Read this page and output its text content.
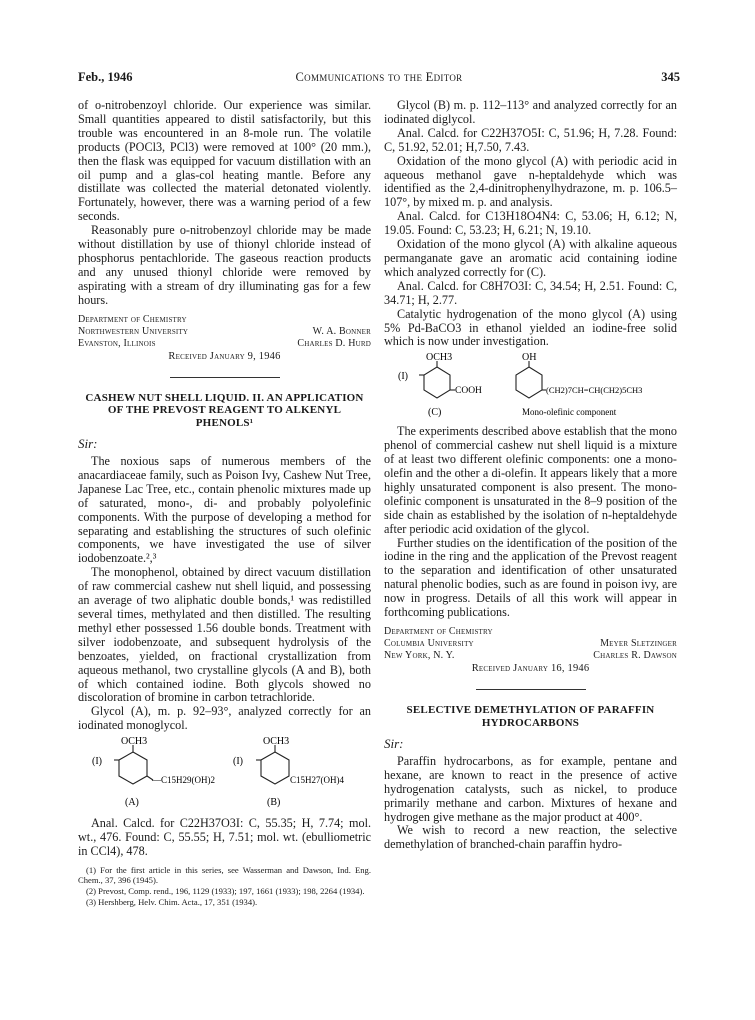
Feb., 1946	Communications to the Editor	345

of o-nitrobenzoyl chloride. Our experience was similar. Small quantities appeared to distil satisfactorily, but this trouble was encountered in an 8-mole run. The volatile products (POCl3, PCl3) were removed at 100° (20 mm.), then the flask was equipped for vacuum distillation with an oil pump and a glas-col heating mantle. Before any distillate was collected the material detonated violently. Fortunately, however, there was a warning period of a few seconds.

Reasonably pure o-nitrobenzoyl chloride may be made without distillation by use of thionyl chloride instead of phosphorus pentachloride. The gaseous reaction products and any unused thionyl chloride were removed by aspirating with a stream of dry illuminating gas for a few hours.

Department of Chemistry
Northwestern University	W. A. Bonner
Evanston, Illinois	Charles D. Hurd
Received January 9, 1946
CASHEW NUT SHELL LIQUID. II. AN APPLICATION OF THE PREVOST REAGENT TO ALKENYL PHENOLS¹
Sir:

The noxious saps of numerous members of the anacardiaceae family, such as Poison Ivy, Cashew Nut Tree, Japanese Lac Tree, etc., contain phenolic mixtures made up of saturated, mono-, di- and probably polyolefinic components. With the purpose of developing a method for separating and establishing the structures of such olefinic components, we have investigated the use of silver iodobenzoate.²,³

The monophenol, obtained by direct vacuum distillation of raw commercial cashew nut shell liquid, and possessing an average of two aliphatic double bonds,¹ was redistilled several times, methylated and then distilled. The resulting methyl ether possessed 1.56 double bonds. Treatment with silver iodobenzoate, and subsequent hydrolysis of the benzoates, yielded, on fractional crystallization from aqueous methanol, two crystalline glycols (A and B), both of which contained iodine. Both glycols showed no discoloration of bromine in carbon tetrachloride.

Glycol (A), m. p. 92–93°, analyzed correctly for an iodinated monoglycol.

OCH3
(I)
—C15H29(OH)2
(A)
OCH3
(I)
C15H27(OH)4
(B)

Anal. Calcd. for C22H37O3I: C, 55.35; H, 7.74; mol. wt., 476. Found: C, 55.55; H, 7.51; mol. wt. (ebulliometric in CCl4), 478.

(1) For the first article in this series, see Wasserman and Dawson, Ind. Eng. Chem., 37, 396 (1945).

(2) Prevost, Comp. rend., 196, 1129 (1933); 197, 1661 (1933); 198, 2264 (1934).

(3) Hershberg, Helv. Chim. Acta., 17, 351 (1934).

Glycol (B) m. p. 112–113° and analyzed correctly for an iodinated diglycol.

Anal. Calcd. for C22H37O5I: C, 51.96; H, 7.28. Found: C, 51.92, 52.01; H,7.50, 7.43.

Oxidation of the mono glycol (A) with periodic acid in aqueous methanol gave n-heptaldehyde which was identified as the 2,4-dinitrophenylhydrazone, m. p. 106.5–107°, by mixed m. p. and analysis.

Anal. Calcd. for C13H18O4N4: C, 53.06; H, 6.12; N, 19.05. Found: C, 53.23; H, 6.21; N, 19.10.

Oxidation of the mono glycol (A) with alkaline aqueous permanganate gave an aromatic acid containing iodine which analyzed correctly for (C).

Anal. Calcd. for C8H7O3I: C, 34.54; H, 2.51. Found: C, 34.71; H, 2.77.

Catalytic hydrogenation of the mono glycol (A) using 5% Pd-BaCO3 in ethanol yielded an iodine-free solid which is now under investigation.

OCH3
(I)
COOH
(C)
OH
(CH2)7CH=CH(CH2)5CH3
Mono-olefinic component

The experiments described above establish that the mono phenol of commercial cashew nut shell liquid is a mixture of at least two different olefinic components: one a mono-olefin and the other a di-olefin. It appears likely that a more highly unsaturated component is also present. The mono-olefinic component is unsaturated in the 8–9 position of the side chain as established by the isolation of n-heptaldehyde after periodic acid oxidation of the glycol.

Further studies on the identification of the position of the iodine in the ring and the application of the Prevost reagent to the separation and identification of other unsaturated natural phenolic bodies, such as are found in poison ivy, are now in progress. Details of all this work will appear in forthcoming publications.

Department of Chemistry
Columbia University	Meyer Sletzinger
New York, N. Y.	Charles R. Dawson
Received January 16, 1946
SELECTIVE DEMETHYLATION OF PARAFFIN HYDROCARBONS
Sir:

Paraffin hydrocarbons, as for example, pentane and hexane, are known to react in the presence of active hydrogenation catalysts, such as nickel, to produce primarily methane and carbon. Mixtures of hexane and hydrogen give methane as the major product at 400°.

We wish to record a new reaction, the selective demethylation of branched-chain paraffin hydro-
